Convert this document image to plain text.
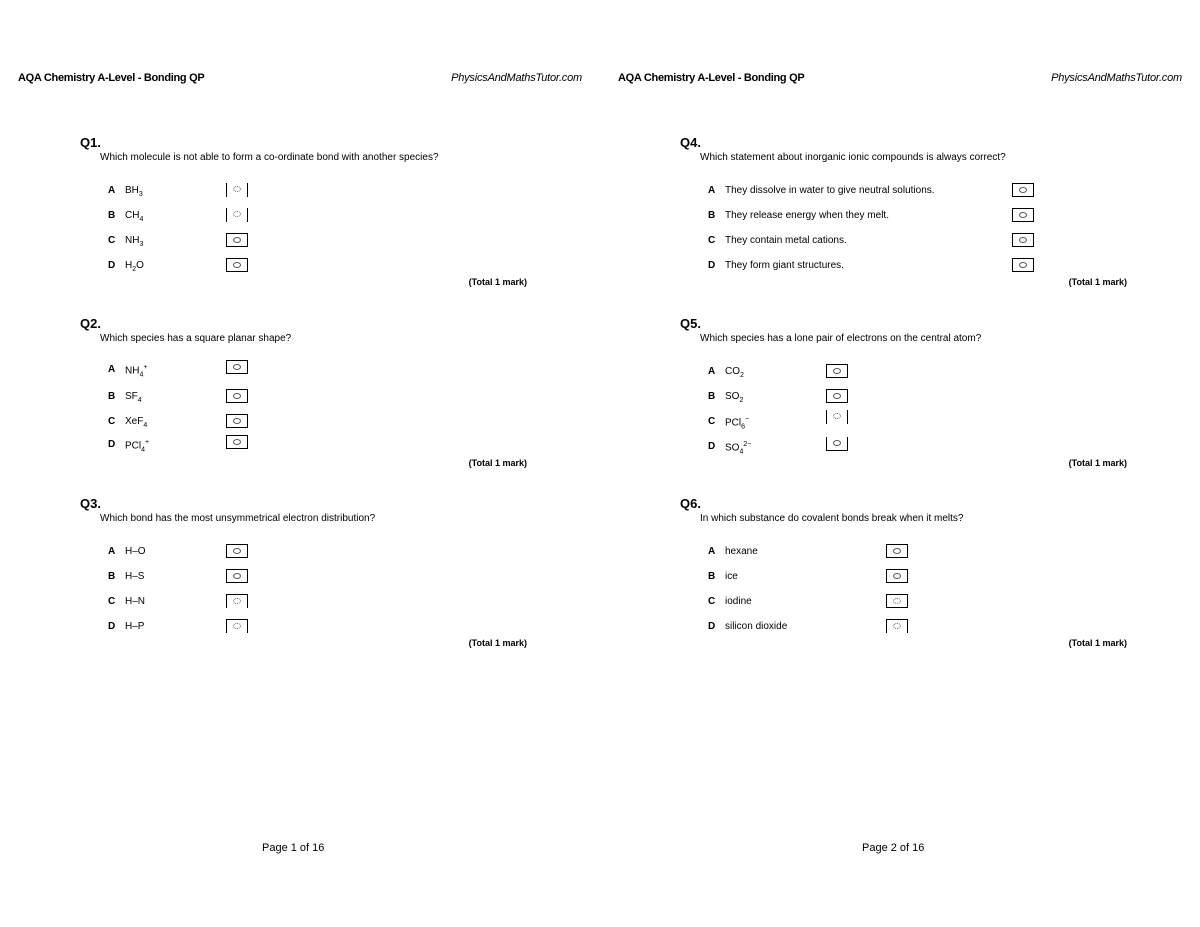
AQA Chemistry A-Level - Bonding QP	PhysicsAndMathsTutor.com
Q1.
Which molecule is not able to form a co-ordinate bond with another species?
A $BH_3$
B $CH_4$
C $NH_3$
D $H_2O$
(Total 1 mark)
Q2.
Which species has a square planar shape?
A $NH_4^+$
B $SF_4$
C XeF$_4$
D PCl$_4$+
(Total 1 mark)
Q3.
Which bond has the most unsymmetrical electron distribution?
A H–O
B H–S
C H–N
D H–P
(Total 1 mark)
Page 1 of 16
AQA Chemistry A-Level - Bonding QP	PhysicsAndMathsTutor.com
Q4.
Which statement about inorganic ionic compounds is always correct?
A They dissolve in water to give neutral solutions.
B They release energy when they melt.
C They contain metal cations.
D They form giant structures.
(Total 1 mark)
Q5.
Which species has a lone pair of electrons on the central atom?
A $CO_2$
B $SO_2$
C PCl$_6$−
D $SO_4^{2-}$
(Total 1 mark)
Q6.
In which substance do covalent bonds break when it melts?
A hexane
B ice
C iodine
D silicon dioxide
(Total 1 mark)
Page 2 of 16
